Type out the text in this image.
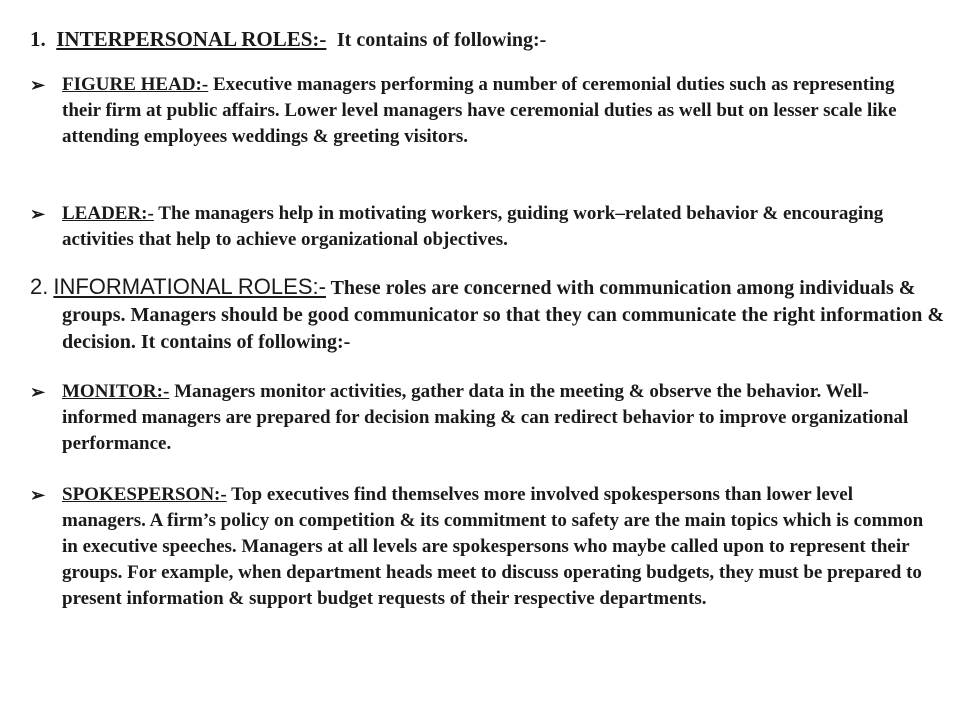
1. INTERPERSONAL ROLES:- It contains of following:-
➢ FIGURE HEAD:- Executive managers performing a number of ceremonial duties such as representing their firm at public affairs. Lower level managers have ceremonial duties as well but on lesser scale like attending employees weddings & greeting visitors.
➢ LEADER:- The managers help in motivating workers, guiding work–related behavior & encouraging activities that help to achieve organizational objectives.
2. INFORMATIONAL ROLES:- These roles are concerned with communication among individuals & groups. Managers should be good communicator so that they can communicate the right information & decision. It contains of following:-
➢ MONITOR:- Managers monitor activities, gather data in the meeting & observe the behavior. Well-informed managers are prepared for decision making & can redirect behavior to improve organizational performance.
➢ SPOKESPERSON:- Top executives find themselves more involved spokespersons than lower level managers. A firm’s policy on competition & its commitment to safety are the main topics which is common in executive speeches. Managers at all levels are spokespersons who maybe called upon to represent their groups. For example, when department heads meet to discuss operating budgets, they must be prepared to present information & support budget requests of their respective departments.
